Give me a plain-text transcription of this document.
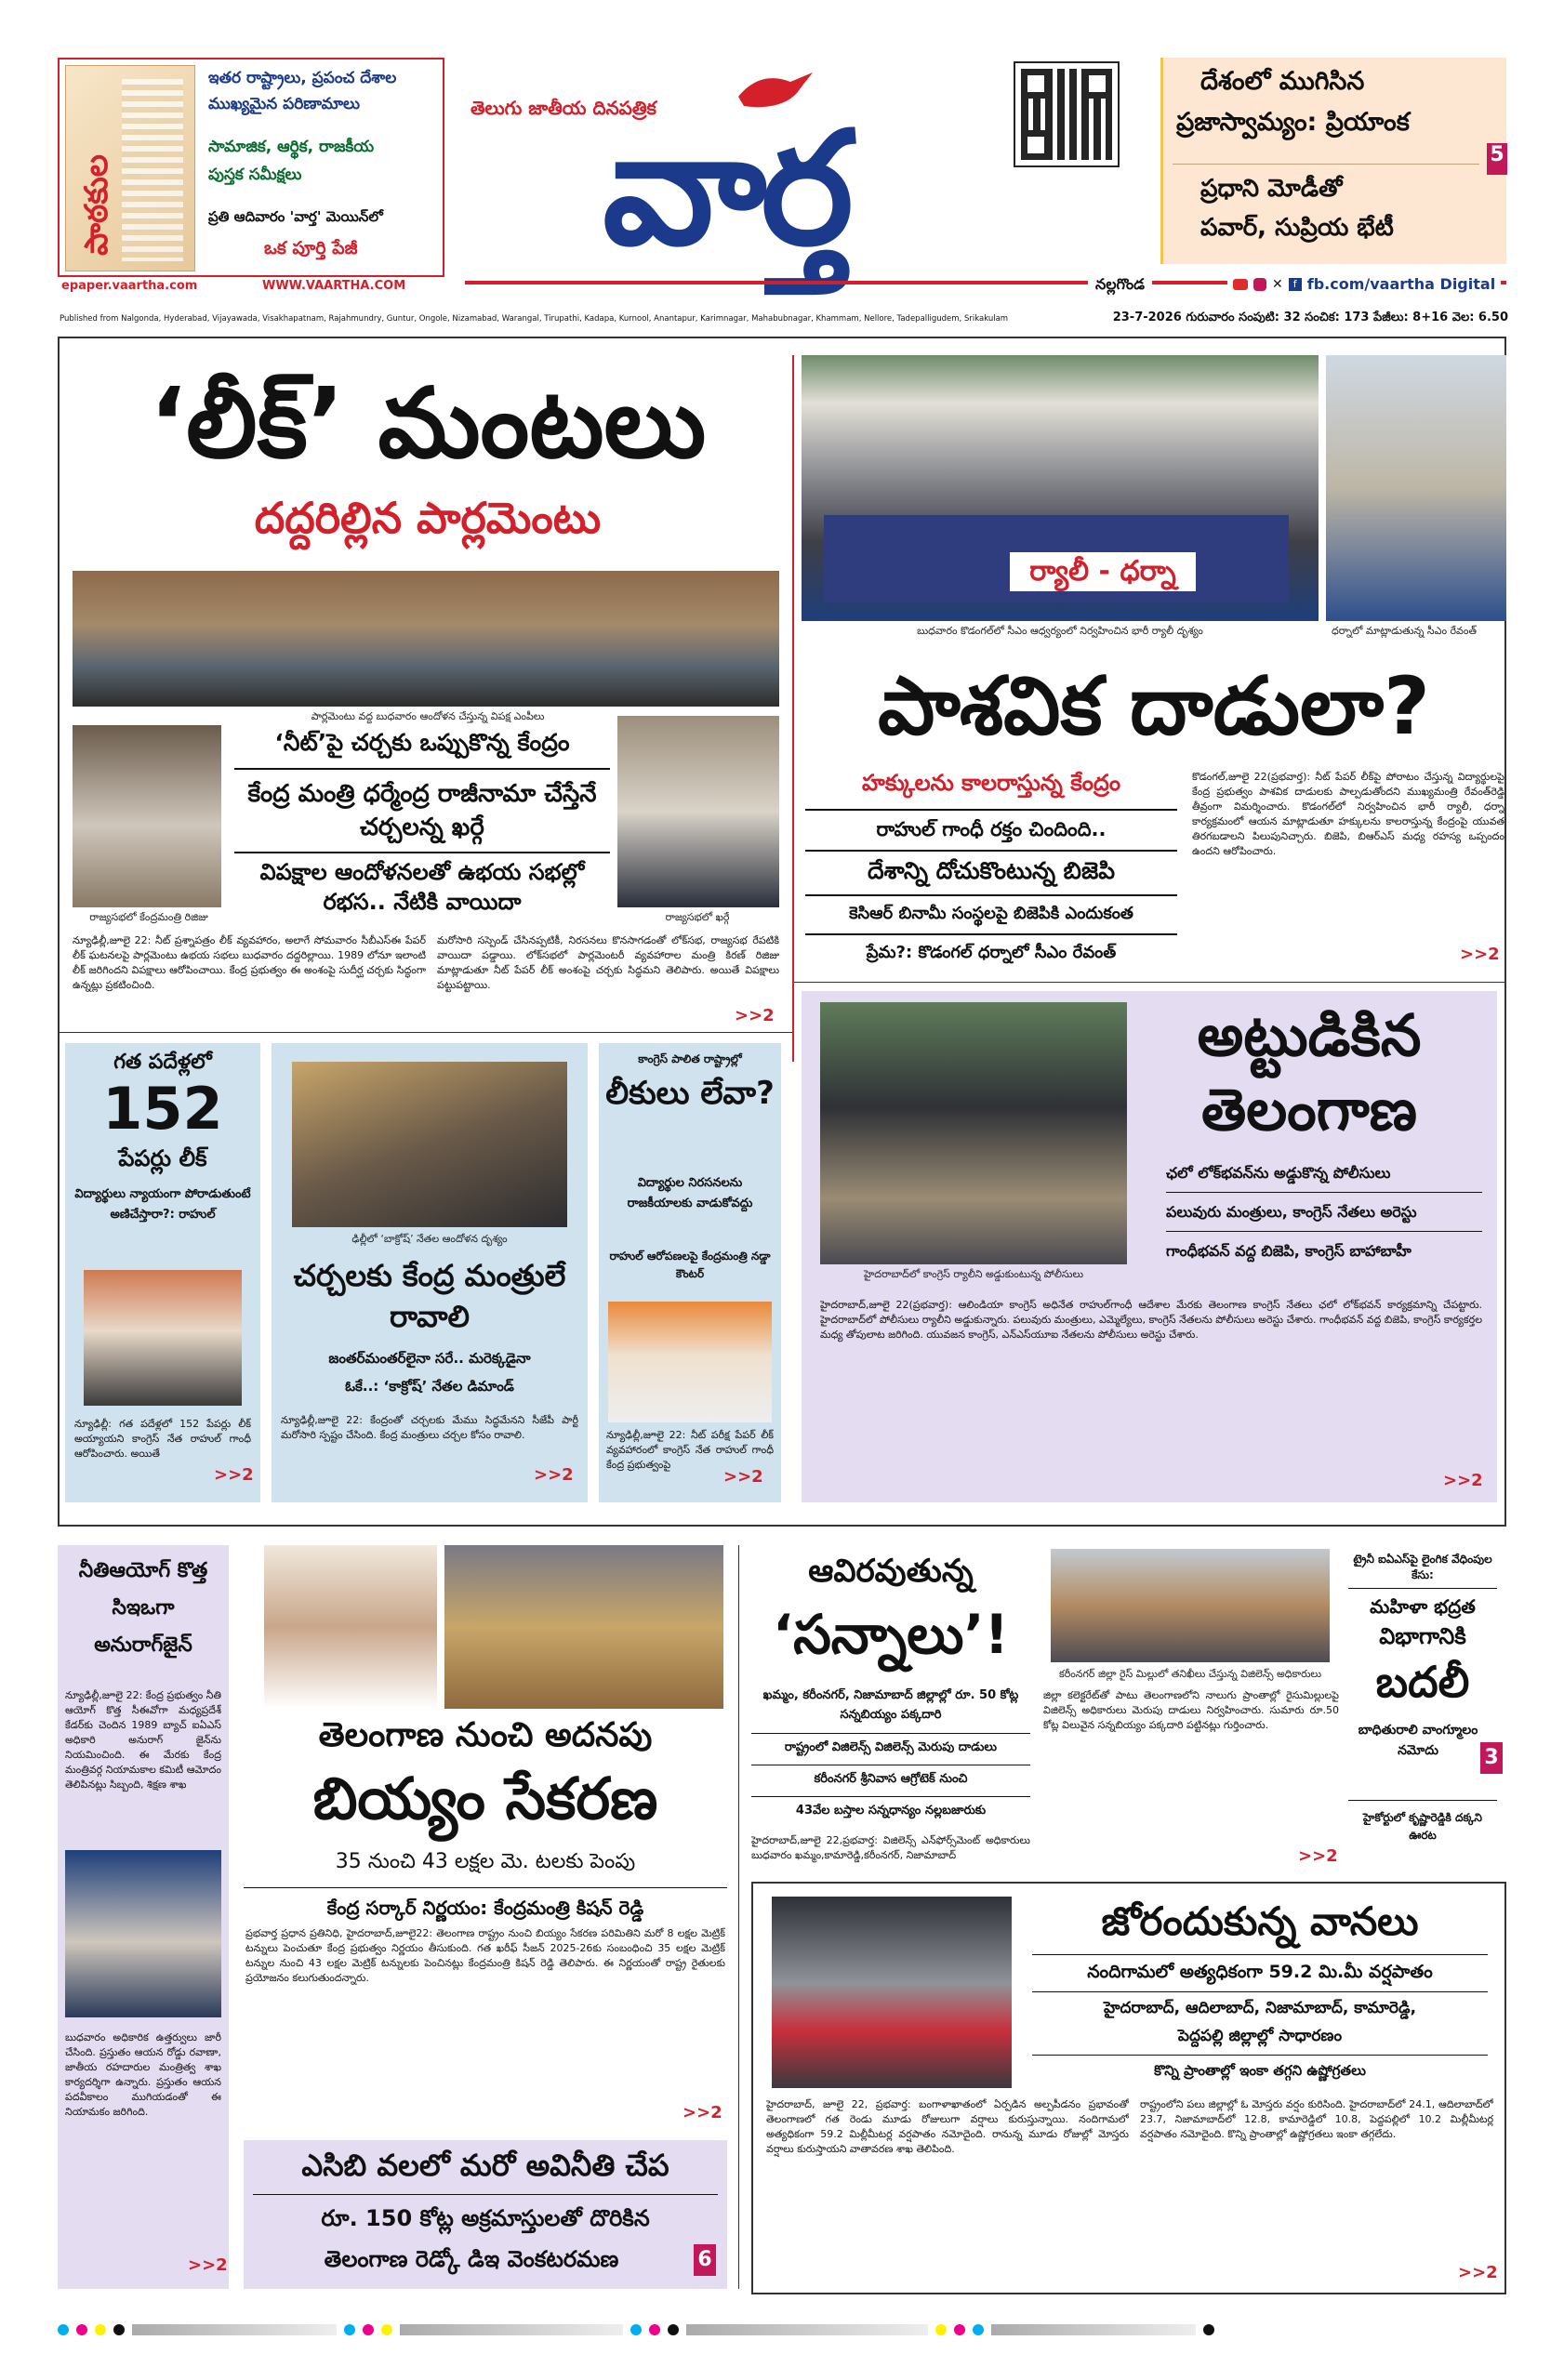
పాఠకుల
ఇతర రాష్ట్రాలు, ప్రపంచ దేశాల
ముఖ్యమైన పరిణామాలు
సామాజిక, ఆర్థిక, రాజకీయ
పుస్తక సమీక్షలు
ప్రతి ఆదివారం 'వార్త' మెయిన్‌లో
ఒక పూర్తి పేజీ
epaper.vaartha.com	WWW.VAARTHA.COM
తెలుగు జాతీయ దినపత్రిక
వార్త
దేశంలో ముగిసిన
ప్రజాస్వామ్యం: ప్రియాంక
5
ప్రధాని మోడీతో
పవార్, సుప్రియ భేటీ
నల్లగొండ	✕	f fb.com/vaartha Digital
Published from Nalgonda, Hyderabad, Vijayawada, Visakhapatnam, Rajahmundry, Guntur, Ongole, Nizamabad, Warangal, Tirupathi, Kadapa, Kurnool, Anantapur, Karimnagar, Mahabubnagar, Khammam, Nellore, Tadepalligudem, Srikakulam	23-7-2026 గురువారం సంపుటి: 32 సంచిక: 173 పేజీలు: 8+16 వెల: 6.50
‘లీక్’ మంటలు
దద్దరిల్లిన పార్లమెంటు
పార్లమెంటు వద్ద బుధవారం ఆందోళన చేస్తున్న విపక్ష ఎంపీలు
రాజ్యసభలో కేంద్రమంత్రి రిజిజు	రాజ్యసభలో ఖర్గే
‘నీట్’పై చర్చకు ఒప్పుకొన్న కేంద్రం
కేంద్ర మంత్రి ధర్మేంద్ర రాజీనామా చేస్తేనే చర్చలన్న ఖర్గే
విపక్షాల ఆందోళనలతో ఉభయ సభల్లో రభస.. నేటికి వాయిదా
న్యూఢిల్లీ,జూలై 22: నీట్ ప్రశ్నాపత్రం లీక్ వ్యవహారం, అలాగే సోమవారం సీబీఎస్‌ఈ పేపర్ లీక్ ఘటనలపై పార్లమెంటు ఉభయ సభలు బుధవారం దద్దరిల్లాయి. 1989 లోనూ ఇలాంటి లీక్ జరిగిందని విపక్షాలు ఆరోపించాయి. కేంద్ర ప్రభుత్వం ఈ అంశంపై సుదీర్ఘ చర్చకు సిద్ధంగా ఉన్నట్లు ప్రకటించింది.
మరోసారి సస్పెండ్ చేసినప్పటికీ, నిరసనలు కొనసాగడంతో లోక్‌సభ, రాజ్యసభ రేపటికి వాయిదా పడ్డాయి. లోక్‌సభలో పార్లమెంటరీ వ్యవహారాల మంత్రి కిరణ్ రిజిజు మాట్లాడుతూ నీట్ పేపర్ లీక్ అంశంపై చర్చకు సిద్ధమని తెలిపారు. అయితే విపక్షాలు పట్టుపట్టాయి.
>>2
ర్యాలీ - ధర్నా
బుధవారం కొడంగల్‌లో సీఎం ఆధ్వర్యంలో నిర్వహించిన భారీ ర్యాలీ దృశ్యం	ధర్నాలో మాట్లాడుతున్న సీఎం రేవంత్
పాశవిక దాడులా?
హక్కులను కాలరాస్తున్న కేంద్రం
రాహుల్ గాంధీ రక్తం చిందింది..
దేశాన్ని దోచుకొంటున్న బిజెపి
కెసిఆర్ బినామీ సంస్థలపై బిజెపికి ఎందుకంత
ప్రేమ?: కొడంగల్ ధర్నాలో సీఎం రేవంత్
కొడంగల్,జూలై 22(ప్రభవార్త): నీట్ పేపర్ లీక్‌పై పోరాటం చేస్తున్న విద్యార్థులపై కేంద్ర ప్రభుత్వం పాశవిక దాడులకు పాల్పడుతోందని ముఖ్యమంత్రి రేవంత్‌రెడ్డి తీవ్రంగా విమర్శించారు. కొడంగల్‌లో నిర్వహించిన భారీ ర్యాలీ, ధర్నా కార్యక్రమంలో ఆయన మాట్లాడుతూ హక్కులను కాలరాస్తున్న కేంద్రంపై యువత తిరగబడాలని పిలుపునిచ్చారు. బిజెపి, బిఆర్ఎస్ మధ్య రహస్య ఒప్పందం ఉందని ఆరోపించారు.
>>2
గత పదేళ్లలో
152
పేపర్లు లీక్
విద్యార్థులు న్యాయంగా పోరాడుతుంటే అణిచేస్తారా?: రాహుల్
న్యూఢిల్లీ: గత పదేళ్లలో 152 పేపర్లు లీక్ అయ్యాయని కాంగ్రెస్ నేత రాహుల్ గాంధీ ఆరోపించారు. అయితే
>>2
ఢిల్లీలో ‘బాక్రోష్’ నేతల ఆందోళన దృశ్యం
చర్చలకు కేంద్ర మంత్రులే రావాలి
జంతర్‌మంతర్‌లైనా సరే.. మరెక్కడైనా
ఓకే..: ‘కాక్రోష్’ నేతల డిమాండ్
న్యూఢిల్లీ,జూలై 22: కేంద్రంతో చర్చలకు మేము సిద్ధమేనని సీజేపీ పార్టీ మరోసారి స్పష్టం చేసింది. కేంద్ర మంత్రులు చర్చల కోసం రావాలి.
>>2
కాంగ్రెస్ పాలిత రాష్ట్రాల్లో
లీకులు లేవా?
విద్యార్థుల నిరసనలను రాజకీయాలకు వాడుకోవద్దు
రాహుల్ ఆరోపణలపై కేంద్రమంత్రి నడ్డా కౌంటర్
న్యూఢిల్లీ,జూలై 22: నీట్ పరీక్ష పేపర్ లీక్ వ్యవహారంలో కాంగ్రెస్ నేత రాహుల్ గాంధీ కేంద్ర ప్రభుత్వంపై
>>2
హైదరాబాద్‌లో కాంగ్రెస్ ర్యాలీని అడ్డుకుంటున్న పోలీసులు
అట్టుడికిన
తెలంగాణ
ఛలో లోక్‌భవన్‌ను అడ్డుకొన్న పోలీసులు
పలువురు మంత్రులు, కాంగ్రెస్ నేతలు అరెస్టు
గాంధీభవన్ వద్ద బిజెపి, కాంగ్రెస్ బాహాబాహీ
హైదరాబాద్,జూలై 22(ప్రభవార్త): ఆలిండియా కాంగ్రెస్ అధినేత రాహుల్‌గాంధీ ఆదేశాల మేరకు తెలంగాణ కాంగ్రెస్ నేతలు ఛలో లోక్‌భవన్ కార్యక్రమాన్ని చేపట్టారు. హైదరాబాద్‌లో పోలీసులు ర్యాలీని అడ్డుకున్నారు. పలువురు మంత్రులు, ఎమ్మెల్యేలు, కాంగ్రెస్ నేతలను పోలీసులు అరెస్టు చేశారు. గాంధీభవన్ వద్ద బిజెపి, కాంగ్రెస్ కార్యకర్తల మధ్య తోపులాట జరిగింది. యువజన కాంగ్రెస్, ఎన్‌ఎస్‌యూఐ నేతలను పోలీసులు అరెస్టు చేశారు.
>>2
నీతిఆయోగ్ కొత్త సిఇఒగా అనురాగ్‌జైన్
న్యూఢిల్లీ,జూలై 22: కేంద్ర ప్రభుత్వం నీతి ఆయోగ్ కొత్త సీఈవోగా మధ్యప్రదేశ్ కేడర్‌కు చెందిన 1989 బ్యాచ్ ఐఏఎస్ అధికారి అనురాగ్ జైన్‌ను నియమించింది. ఈ మేరకు కేంద్ర మంత్రివర్గ నియామకాల కమిటీ ఆమోదం తెలిపినట్లు సిబ్బంది, శిక్షణ శాఖ
బుధవారం అధికారిక ఉత్తర్వులు జారీ చేసింది. ప్రస్తుతం ఆయన రోడ్డు రవాణా, జాతీయ రహదారుల మంత్రిత్వ శాఖ కార్యదర్శిగా ఉన్నారు. ప్రస్తుతం ఆయన పదవీకాలం ముగియడంతో ఈ నియామకం జరిగింది.
>>2
తెలంగాణ నుంచి అదనపు
బియ్యం సేకరణ
35 నుంచి 43 లక్షల మె. టలకు పెంపు
కేంద్ర సర్కార్ నిర్ణయం: కేంద్రమంత్రి కిషన్ రెడ్డి
ప్రభవార్త ప్రధాన ప్రతినిధి, హైదరాబాద్,జూలై22: తెలంగాణ రాష్ట్రం నుంచి బియ్యం సేకరణ పరిమితిని మరో 8 లక్షల మెట్రిక్ టన్నులు పెంచుతూ కేంద్ర ప్రభుత్వం నిర్ణయం తీసుకుంది. గత ఖరీఫ్ సీజన్ 2025-26కు సంబంధించి 35 లక్షల మెట్రిక్ టన్నుల నుంచి 43 లక్షల మెట్రిక్ టన్నులకు పెంచినట్లు కేంద్రమంత్రి కిషన్ రెడ్డి తెలిపారు. ఈ నిర్ణయంతో రాష్ట్ర రైతులకు ప్రయోజనం కలుగుతుందన్నారు.
>>2
ఎసిబి వలలో మరో అవినీతి చేప
రూ. 150 కోట్ల అక్రమాస్తులతో దొరికిన
తెలంగాణ రెడ్కో డిఇ వెంకటరమణ	6
ఆవిరవుతున్న
‘సన్నాలు’!
ఖమ్మం, కరీంనగర్, నిజామాబాద్ జిల్లాల్లో రూ. 50 కోట్ల సన్నబియ్యం పక్కదారి
రాష్ట్రంలో విజిలెన్స్ విజిలెన్స్ మెరుపు దాడులు
కరీంనగర్ శ్రీనివాస ఆగ్రోటెక్ నుంచి
43వేల బస్తాల సన్నధాన్యం నల్లబజారుకు
హైదరాబాద్,జూలై 22,ప్రభవార్త: విజిలెన్స్ ఎన్‌ఫోర్స్‌మెంట్ అధికారులు బుధవారం ఖమ్మం,కామారెడ్డి,కరీంనగర్, నిజామాబాద్
కరీంనగర్ జిల్లా రైస్ మిల్లులో తనిఖీలు చేస్తున్న విజిలెన్స్ అధికారులు
జిల్లా కలెక్టరేట్‌తో పాటు తెలంగాణలోని నాలుగు ప్రాంతాల్లో రైసుమిల్లులపై విజిలెన్స్ అధికారులు మెరుపు దాడులు నిర్వహించారు. సుమారు రూ.50 కోట్ల విలువైన సన్నబియ్యం పక్కదారి పట్టినట్లు గుర్తించారు.
>>2
ట్రైనీ ఐఏఎస్‌పై లైంగిక వేధింపుల కేసు:
మహిళా భద్రత
విభాగానికి
బదలీ
బాధితురాలి వాంగ్మూలం నమోదు	3
హైకోర్టులో కృష్ణారెడ్డికి దక్కని ఊరట
జోరందుకున్న వానలు
నందిగామలో అత్యధికంగా 59.2 మి.మీ వర్షపాతం
హైదరాబాద్, ఆదిలాబాద్, నిజామాబాద్, కామారెడ్డి,
పెద్దపల్లి జిల్లాల్లో సాధారణం
కొన్ని ప్రాంతాల్లో ఇంకా తగ్గని ఉష్ణోగ్రతలు
హైదరాబాద్, జూలై 22, ప్రభవార్త: బంగాళాఖాతంలో ఏర్పడిన అల్పపీడనం ప్రభావంతో తెలంగాణలో గత రెండు మూడు రోజులుగా వర్షాలు కురుస్తున్నాయి. నందిగామలో అత్యధికంగా 59.2 మిల్లీమీటర్ల వర్షపాతం నమోదైంది. రానున్న మూడు రోజుల్లో మోస్తరు వర్షాలు కురుస్తాయని వాతావరణ శాఖ తెలిపింది.
రాష్ట్రంలోని పలు జిల్లాల్లో ఓ మోస్తరు వర్షం కురిసింది. హైదరాబాద్‌లో 24.1, ఆదిలాబాద్‌లో 23.7, నిజామాబాద్‌లో 12.8, కామారెడ్డిలో 10.8, పెద్దపల్లిలో 10.2 మిల్లీమీటర్ల వర్షపాతం నమోదైంది. కొన్ని ప్రాంతాల్లో ఉష్ణోగ్రతలు ఇంకా తగ్గలేదు.
>>2
